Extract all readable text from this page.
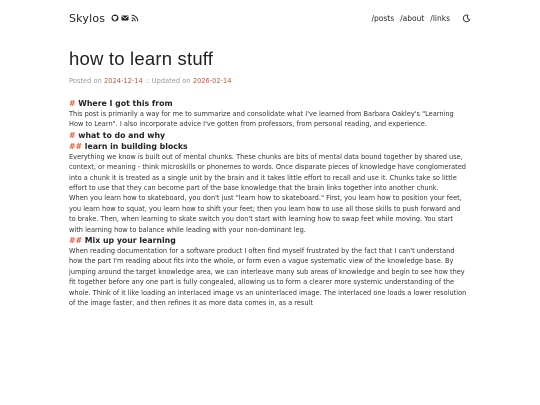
Skylos	/posts /about /links
how to learn stuff
Posted on 2024-12-14 :: Updated on 2026-02-14
# Where I got this from

This post is primarily a way for me to summarize and consolidate what I've learned from Barbara Oakley's "Learning How to Learn". I also incorporate advice I've gotten from professors, from personal reading, and experience.

# what to do and why
## learn in building blocks

Everything we know is built out of mental chunks. These chunks are bits of mental data bound together by shared use, context, or meaning - think microskills or phonemes to words. Once disparate pieces of knowledge have conglomerated into a chunk it is treated as a single unit by the brain and it takes little effort to recall and use it. Chunks take so little effort to use that they can become part of the base knowledge that the brain links together into another chunk.

When you learn how to skateboard, you don't just "learn how to skateboard." First, you learn how to position your feet, you learn how to squat, you learn how to shift your feet; then you learn how to use all those skills to push forward and to brake. Then, when learning to skate switch you don't start with learning how to swap feet while moving. You start with learning how to balance while leading with your non-dominant leg.

## Mix up your learning

When reading documentation for a software product I often find myself frustrated by the fact that I can't understand how the part I'm reading about fits into the whole, or form even a vague systematic view of the knowledge base. By jumping around the target knowledge area, we can interleave many sub areas of knowledge and begin to see how they fit together before any one part is fully congealed, allowing us to form a clearer more systemic understanding of the whole. Think of it like loading an interlaced image vs an uninterlaced image. The interlaced one loads a lower resolution of the image faster, and then refines it as more data comes in, as a result
